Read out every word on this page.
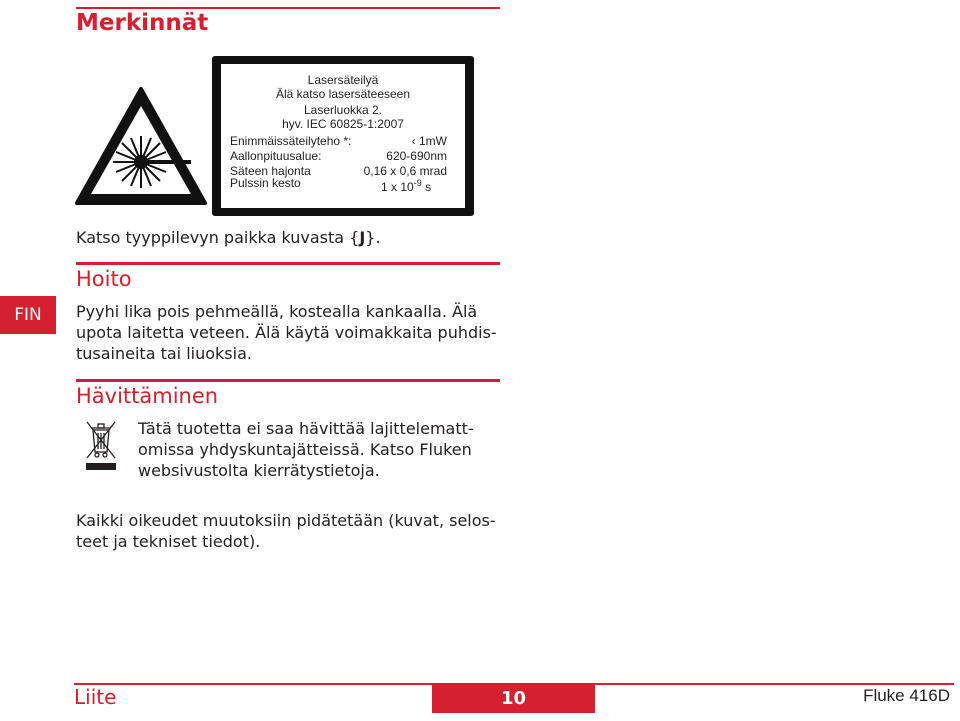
Merkinnät
Lasersäteilyä
Älä katso lasersäteeseen
Laserluokka 2.
hyv. IEC 60825-1:2007
Enimmäissäteilyteho *:	‹ 1mW
Aallonpituusalue:	620-690nm
Säteen hajonta	0,16 x 0,6 mrad
Pulssin kesto	1 x $10^{-9}$ s
Katso tyyppilevyn paikka kuvasta {J}.
Hoito
FIN	Pyyhi lika pois pehmeällä, kostealla kankaalla. Älä
upota laitetta veteen. Älä käytä voimakkaita puhdis-
tusaineita tai liuoksia.
Hävittäminen
Tätä tuotetta ei saa hävittää lajittelematt-
omissa yhdyskuntajätteissä. Katso Fluken
websivustolta kierrätystietoja.
Kaikki oikeudet muutoksiin pidätetään (kuvat, selos-
teet ja tekniset tiedot).
Liite	10	Fluke 416D
